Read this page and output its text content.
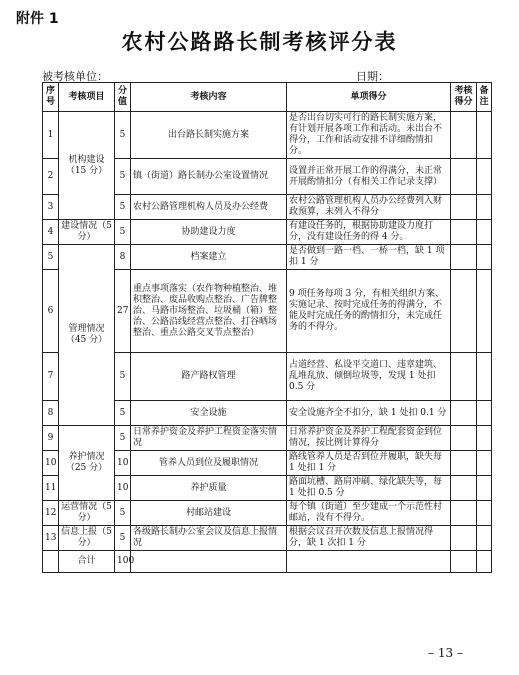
附件 1
农村公路路长制考核评分表
被考核单位：	日期：
序号	考核项目	分值	考核内容	单项得分	考核得分	备注
1	机构建设（15 分）	5	出台路长制实施方案	是否出台切实可行的路长制实施方案，有计划开展各项工作和活动。未出台不得分，工作和活动安排不详细酌情扣分。		
2		5	镇（街道）路长制办公室设置情况	设置并正常开展工作的得满分，未正常开展酌情扣分（有相关工作记录支撑）		
3		5	农村公路管理机构人员及办公经费	农村公路管理机构人员办公经费列入财政预算，未列入不得分		
4	建设情况（5 分）	5	协助建设力度	有建设任务的，根据协助建设力度打分，没有建设任务的得 4 分。		
5	管理情况（45 分）	8	档案建立	是否做到一路一档、一桥一档，缺 1 项扣 1 分		
6		27	重点事项落实（农作物种植整治、堆积整治、废品收购点整治、广告牌整治、马路市场整治、垃圾桶（箱）整治、公路沿线经营点整治、打谷晒场整治、重点公路交叉节点整治）	9 项任务每项 3 分，有相关组织方案、实施记录、按时完成任务的得满分，不能及时完成任务的酌情扣分，未完成任务的不得分。		
7		5	路产路权管理	占道经营、私设平交道口、违章建筑、乱堆乱放、倾倒垃圾等，发现 1 处扣 0.5 分		
8		5	安全设施	安全设施齐全不扣分，缺 1 处扣 0.1 分		
9	养护情况（25 分）	5	日常养护资金及养护工程资金落实情况	日常养护资金及养护工程配套资金到位情况，按比例计算得分		
10		10	管养人员到位及履职情况	路线管养人员是否到位并履职，缺失每 1 处扣 1 分		
11		10	养护质量	路面坑槽、路肩冲刷、绿化缺失等，每 1 处扣 0.5 分		
12	运营情况（5 分）	5	村邮站建设	每个镇（街道）至少建成一个示范性村邮站，没有不得分。		
13	信息上报（5 分）	5	各级路长制办公室会议及信息上报情况	根据会议召开次数及信息上报情况得分，缺 1 次扣 1 分		
	合计	100				
– 13 –
